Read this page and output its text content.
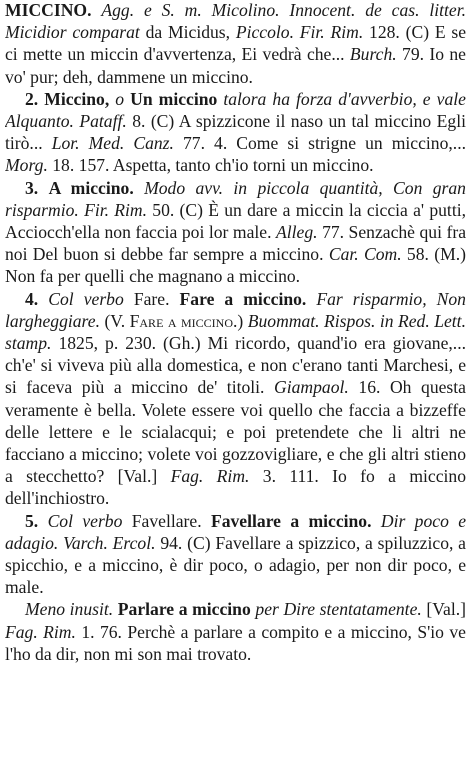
MICCINO. Agg. e S. m. Micolino. Innocent. de cas. litter. Micidior comparat da Micidus, Piccolo. Fir. Rim. 128. (C) E se ci mette un miccin d'avvertenza, Ei vedrà che... Burch. 79. Io ne vo' pur; deh, dammene un miccino.

2. Miccino, o Un miccino talora ha forza d'avverbio, e vale Alquanto. Pataff. 8. (C) A spizzicone il naso un tal miccino Egli tirò... Lor. Med. Canz. 77. 4. Come si strigne un miccino,... Morg. 18. 157. Aspetta, tanto ch'io torni un miccino.

3. A miccino. Modo avv. in piccola quantità, Con gran risparmio. Fir. Rim. 50. (C) È un dare a miccin la ciccia a' putti, Acciocch'ella non faccia poi lor male. Alleg. 77. Senzachè qui fra noi Del buon si debbe far sempre a miccino. Car. Com. 58. (M.) Non fa per quelli che magnano a miccino.

4. Col verbo Fare. Fare a miccino. Far risparmio, Non largheggiare. (V. Fare a miccino.) Buommat. Rispos. in Red. Lett. stamp. 1825, p. 230. (Gh.) Mi ricordo, quand'io era giovane,... ch'e' si viveva più alla domestica, e non c'erano tanti Marchesi, e si faceva più a miccino de' titoli. Giampaol. 16. Oh questa veramente è bella. Volete essere voi quello che faccia a bizzeffe delle lettere e le scialacqui; e poi pretendete che li altri ne facciano a miccino; volete voi gozzovigliare, e che gli altri stieno a stecchetto? [Val.] Fag. Rim. 3. 111. Io fo a miccino dell'inchiostro.

5. Col verbo Favellare. Favellare a miccino. Dir poco e adagio. Varch. Ercol. 94. (C) Favellare a spizzico, a spiluzzico, a spicchio, e a miccino, è dir poco, o adagio, per non dir poco, e male.

Meno inusit. Parlare a miccino per Dire stentatamente. [Val.] Fag. Rim. 1. 76. Perchè a parlare a compito e a miccino, S'io ve l'ho da dir, non mi son mai trovato.
